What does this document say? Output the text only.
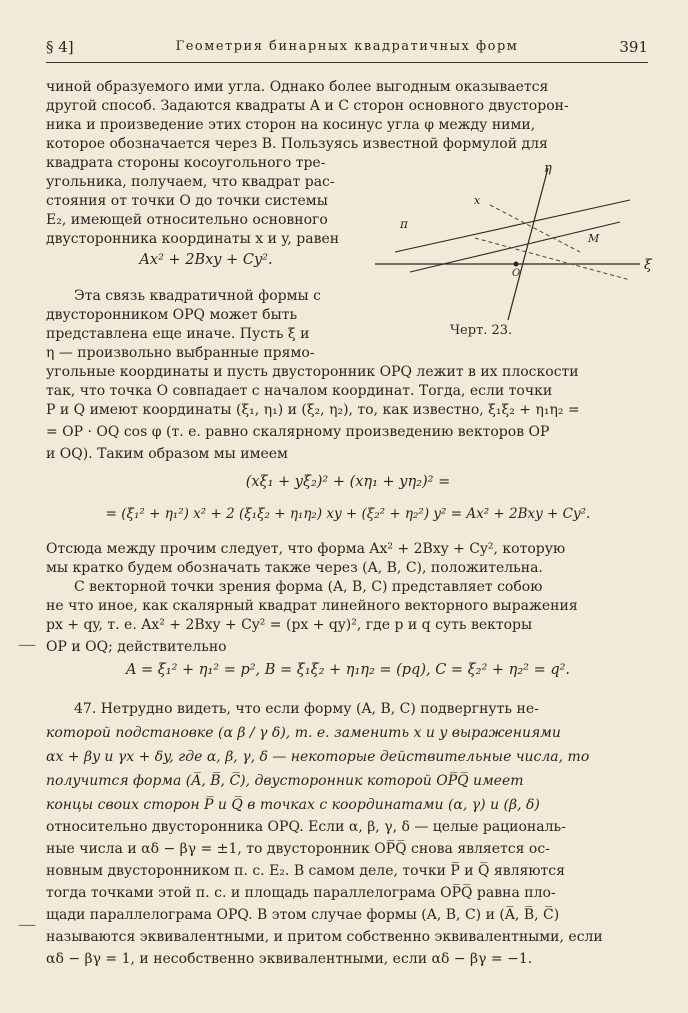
§ 4]	Геометрия бинарных квадратичных форм	391
чиной образуемого ими угла. Однако более выгодным оказывается
другой способ. Задаются квадраты A и C сторон основного двусторон-
ника и произведение этих сторон на косинус угла φ между ними,
которое обозначается через B. Пользуясь известной формулой для
квадрата стороны косоугольного тре-
угольника, получаем, что квадрат рас-
стояния от точки O до точки системы
E₂, имеющей относительно основного
двусторонника координаты x и y, равен
Ax² + 2Bxy + Cy².
Эта связь квадратичной формы с
двусторонником OPQ может быть
представлена еще иначе. Пусть ξ и
η — произвольно выбранные прямо-
η
ξ
x
π
M
O
Черт. 23.
угольные координаты и пусть двусторонник OPQ лежит в их плоскости
так, что точка O совпадает с началом координат. Тогда, если точки
P и Q имеют координаты (ξ₁, η₁) и (ξ₂, η₂), то, как известно, ξ₁ξ₂ + η₁η₂ =
= OP · OQ cos φ (т. е. равно скалярному произведению векторов OP
и OQ). Таким образом мы имеем
(xξ₁ + yξ₂)² + (xη₁ + yη₂)² =
= (ξ₁² + η₁²) x² + 2 (ξ₁ξ₂ + η₁η₂) xy + (ξ₂² + η₂²) y² = Ax² + 2Bxy + Cy².
Отсюда между прочим следует, что форма Ax² + 2Bxy + Cy², которую
мы кратко будем обозначать также через (A, B, C), положительна.
С векторной точки зрения форма (A, B, C) представляет собою
не что иное, как скалярный квадрат линейного векторного выражения
px + qy, т. е. Ax² + 2Bxy + Cy² = (px + qy)², где p и q суть векторы
OP и OQ; действительно
—
A = ξ₁² + η₁² = p², B = ξ₁ξ₂ + η₁η₂ = (pq), C = ξ₂² + η₂² = q².
47. Нетрудно видеть, что если форму (A, B, C) подвергнуть не-
которой подстановке (α β / γ δ), т. е. заменить x и y выражениями
αx + βy и γx + δy, где α, β, γ, δ — некоторые действительные числа, то
получится форма (A̅, B̅, C̅), двусторонник которой OP̅Q̅ имеет
концы своих сторон P̅ и Q̅ в точках с координатами (α, γ) и (β, δ)
относительно двусторонника OPQ. Если α, β, γ, δ — целые рациональ-
ные числа и αδ − βγ = ±1, то двусторонник OP̅Q̅ снова является ос-
новным двусторонником п. с. E₂. В самом деле, точки P̅ и Q̅ являются
тогда точками этой п. с. и площадь параллелограма OP̅Q̅ равна пло-
щади параллелограма OPQ. В этом случае формы (A, B, C) и (A̅, B̅, C̅)
называются эквивалентными, и притом собственно эквивалентными, если
αδ − βγ = 1, и несобственно эквивалентными, если αδ − βγ = −1.
—
